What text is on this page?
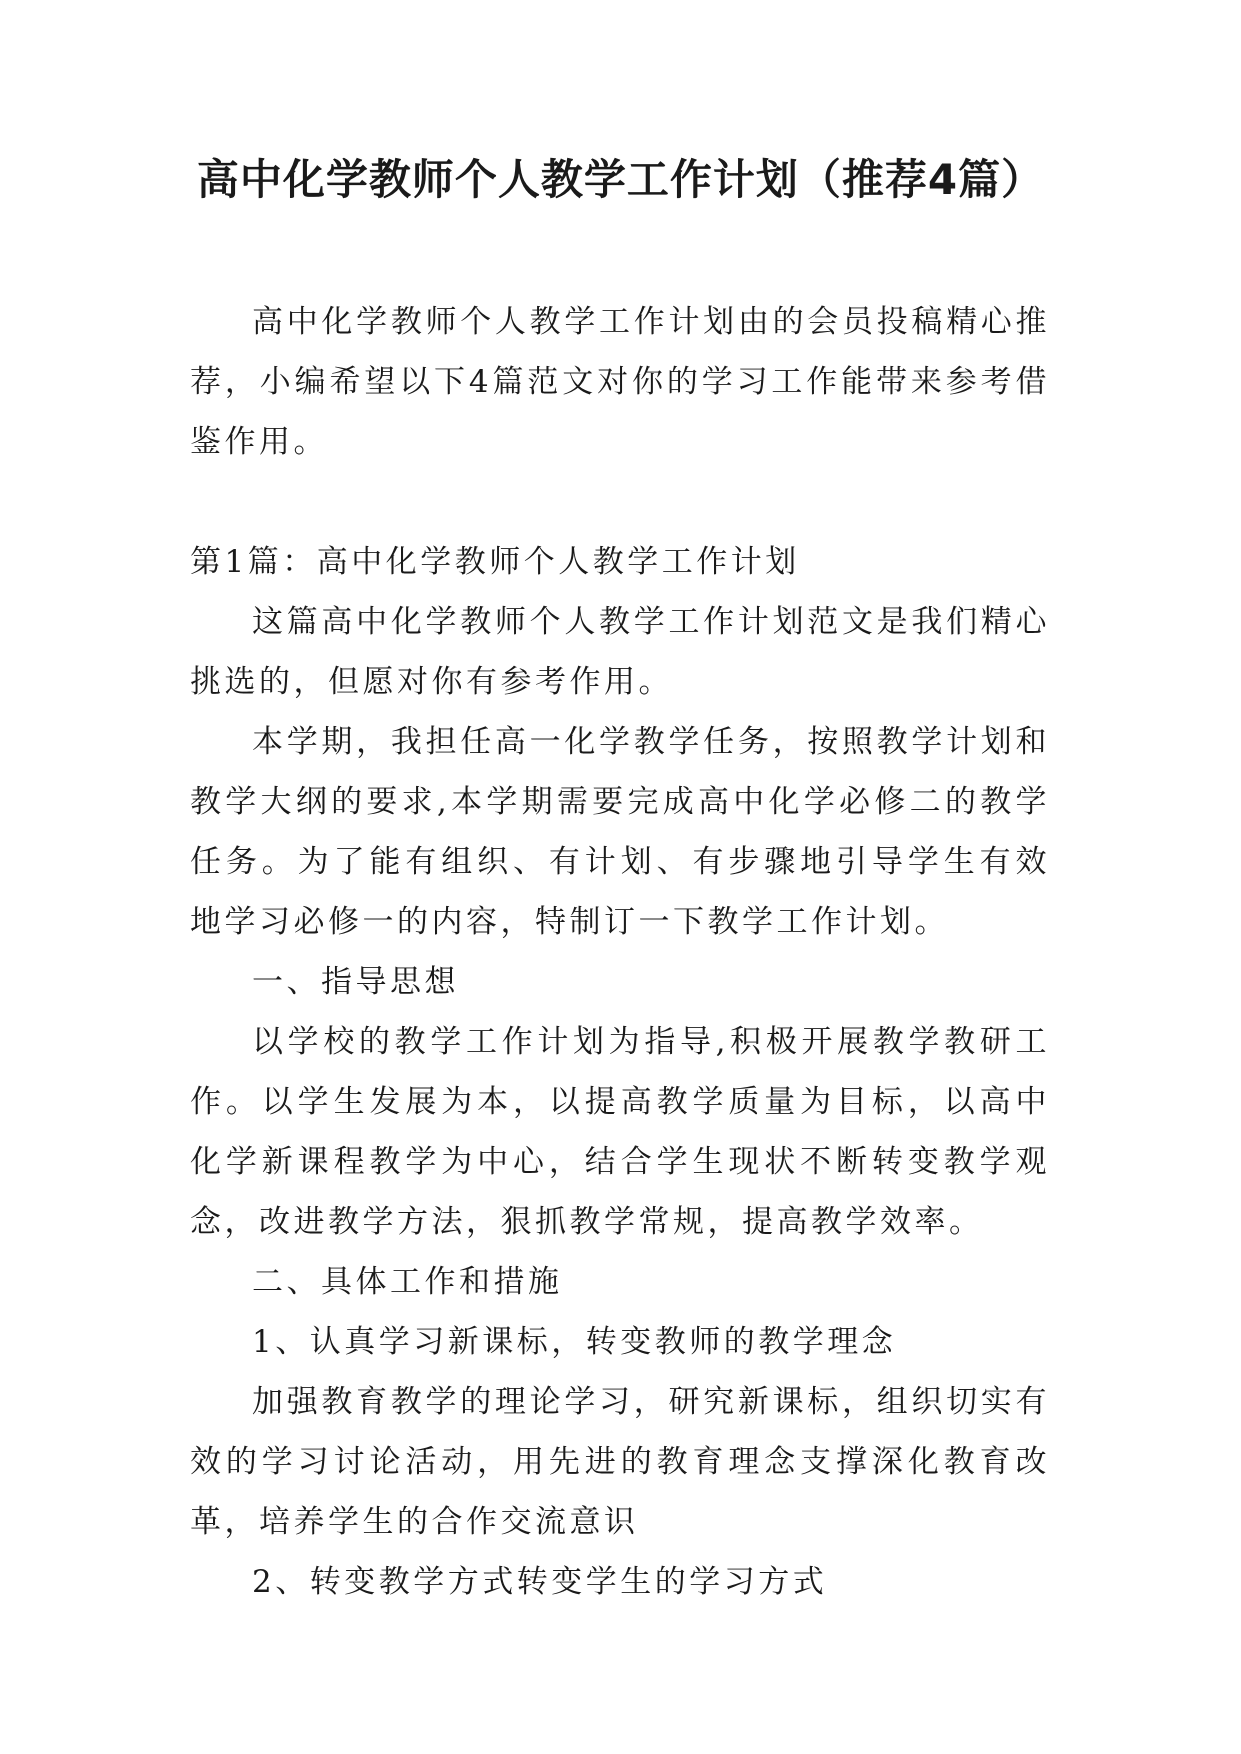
高中化学教师个人教学工作计划（推荐4篇）

高中化学教师个人教学工作计划由的会员投稿精心推荐，小编希望以下4篇范文对你的学习工作能带来参考借鉴作用。

第1篇：高中化学教师个人教学工作计划

这篇高中化学教师个人教学工作计划范文是我们精心挑选的，但愿对你有参考作用。

本学期，我担任高一化学教学任务，按照教学计划和教学大纲的要求,本学期需要完成高中化学必修二的教学任务。为了能有组织、有计划、有步骤地引导学生有效地学习必修一的内容，特制订一下教学工作计划。

一、指导思想

以学校的教学工作计划为指导,积极开展教学教研工作。以学生发展为本，以提高教学质量为目标，以高中化学新课程教学为中心，结合学生现状不断转变教学观念，改进教学方法，狠抓教学常规，提高教学效率。

二、具体工作和措施

1、认真学习新课标，转变教师的教学理念

加强教育教学的理论学习，研究新课标，组织切实有效的学习讨论活动，用先进的教育理念支撑深化教育改革，培养学生的合作交流意识

2、转变教学方式转变学生的学习方式
